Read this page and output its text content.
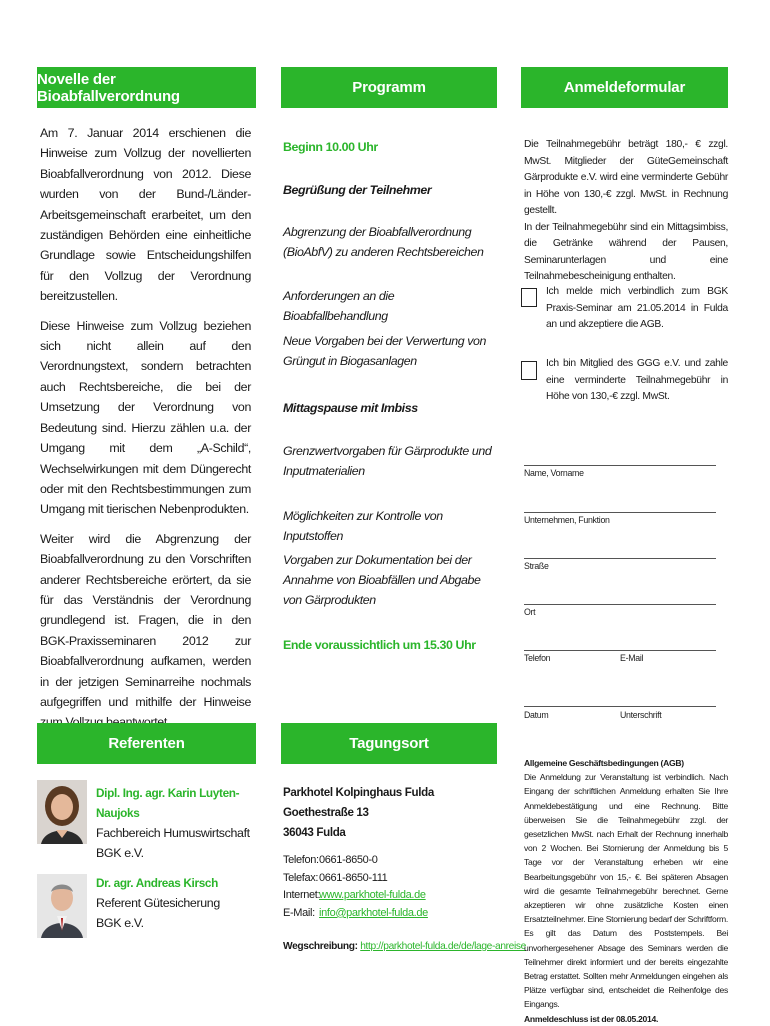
Novelle der Bioabfallverordnung	Programm	Anmeldeformular

Am 7. Januar 2014 erschienen die Hinweise zum Vollzug der novellierten Bioabfallverordnung von 2012. Diese wurden von der Bund-/Länder-Arbeitsgemeinschaft erarbeitet, um den zuständigen Behörden eine einheitliche Grundlage sowie Entscheidungshilfen für den Vollzug der Verordnung bereitzustellen.

Diese Hinweise zum Vollzug beziehen sich nicht allein auf den Verordnungstext, sondern betrachten auch Rechtsbereiche, die bei der Umsetzung der Verordnung von Bedeutung sind. Hierzu zählen u.a. der Umgang mit dem „A-Schild“, Wechselwirkungen mit dem Düngerecht oder mit den Rechtsbestimmungen zum Umgang mit tierischen Nebenprodukten.

Weiter wird die Abgrenzung der Bioabfallverordnung zu den Vorschriften anderer Rechtsbereiche erörtert, da sie für das Verständnis der Verordnung grundlegend ist. Fragen, die in den BGK-Praxisseminaren 2012 zur Bioabfallverordnung aufkamen, werden in der jetzigen Seminarreihe nochmals aufgegriffen und mithilfe der Hinweise

Beginn 10.00 Uhr
Begrüßung der Teilnehmer
Abgrenzung der Bioabfallverordnung (BioAbfV) zu anderen Rechtsbereichen
Anforderungen an die Bioabfallbehandlung
Neue Vorgaben bei der Verwertung von Grüngut in Biogasanlagen
Mittagspause mit Imbiss
Grenzwertvorgaben für Gärprodukte und Inputmaterialien
Möglichkeiten zur Kontrolle von Inputstoffen
Vorgaben zur Dokumentation bei der Annahme von Bioabfällen und Abgabe von Gärprodukten
Ende voraussichtlich um 15.30 Uhr
Die Teilnahmegebühr beträgt 180,- € zzgl. MwSt. Mitglieder der GüteGemeinschaft Gärprodukte e.V. wird eine verminderte Gebühr in Höhe von 130,-€ zzgl. MwSt. in Rechnung gestellt.
In der Teilnahmegebühr sind ein Mittagsimbiss, die Getränke während der Pausen, Seminarunterlagen und eine Teilnahmebescheinigung enthalten.
Ich melde mich verbindlich zum BGK Praxis-Seminar am 21.05.2014 in Fulda an und akzeptiere die AGB.
Ich bin Mitglied des GGG e.V. und zahle eine verminderte Teilnahmegebühr in Höhe von 130,-€ zzgl. MwSt.
Name, Vorname
Unternehmen, Funktion
Straße
Ort
Telefon	E-Mail
Datum	Unterschrift
Referenten	Tagungsort
Dipl. Ing. agr. Karin Luyten-Naujoks
Fachbereich Humuswirtschaft
BGK e.V.
Dr. agr. Andreas Kirsch
Referent Gütesicherung
BGK e.V.
Parkhotel Kolpinghaus Fulda
Goethestraße 13
36043 Fulda
Telefon:0661-8650-0
Telefax:0661-8650-111
Internet:www.parkhotel-fulda.de
E-Mail: info@parkhotel-fulda.de
Wegschreibung: http://parkhotel-fulda.de/de/lage-anreise
Allgemeine Geschäftsbedingungen (AGB)
Die Anmeldung zur Veranstaltung ist verbindlich. Nach Eingang der schriftlichen Anmeldung erhalten Sie Ihre Anmeldebestätigung und eine Rechnung. Bitte überweisen Sie die Teilnahmegebühr zzgl. der gesetzlichen MwSt. nach Erhalt der Rechnung innerhalb von 2 Wochen. Bei Stornierung der Anmeldung bis 5 Tage vor der Veranstaltung erheben wir eine Bearbeitungsgebühr von 15,- €. Bei späteren Absagen wird die gesamte Teilnahmegebühr berechnet. Gerne akzeptieren wir ohne zusätzliche Kosten einen Ersatzteilnehmer. Eine Stornierung bedarf der Schriftform. Es gilt das Datum des Poststempels. Bei unvorhergesehener Absage des Seminars werden die Teilnehmer direkt informiert und der bereits eingezahlte Betrag erstattet. Sollten mehr Anmeldungen eingehen als Plätze verfügbar sind, entscheidet die Reihenfolge des Eingangs.
Anmeldeschluss ist der 08.05.2014.
